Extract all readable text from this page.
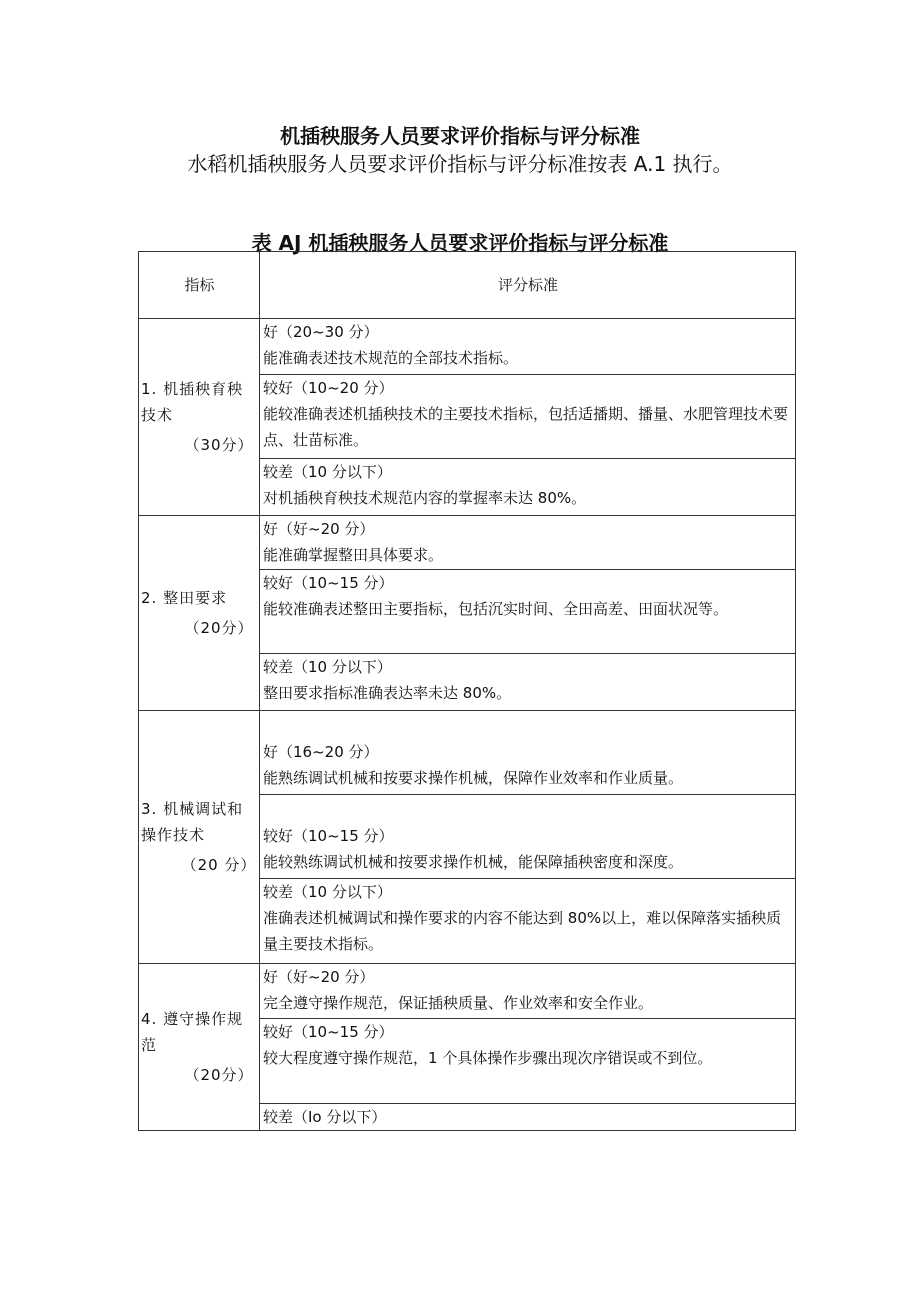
机插秧服务人员要求评价指标与评分标准
水稻机插秧服务人员要求评价指标与评分标准按表 A.1 执行。
表 AJ 机插秧服务人员要求评价指标与评分标准
指标	评分标准
1. 机插秧育秧技术
（30分）	好（20~30 分）
能准确表述技术规范的全部技术指标。

	较好（10~20 分）
能较准确表述机插秧技术的主要技术指标，包括适播期、播量、水肥管理技术要点、壮苗标准。

	较差（10 分以下）
对机插秧育秧技术规范内容的掌握率未达 80%。

2. 整田要求
（20分）	好（好~20 分）
能准确掌握整田具体要求。

	较好（10~15 分）
能较准确表述整田主要指标，包括沉实时间、全田高差、田面状况等。

	较差（10 分以下）
整田要求指标准确表达率未达 80%。

3. 机械调试和操作技术
（20 分）	好（16~20 分）
能熟练调试机械和按要求操作机械，保障作业效率和作业质量。

	较好（10~15 分）
能较熟练调试机械和按要求操作机械，能保障插秧密度和深度。

	较差（10 分以下）
准确表述机械调试和操作要求的内容不能达到 80%以上，难以保障落实插秧质量主要技术指标。

4. 遵守操作规范
（20分）	好（好~20 分）
完全遵守操作规范，保证插秧质量、作业效率和安全作业。

	较好（10~15 分）
较大程度遵守操作规范，1 个具体操作步骤出现次序错误或不到位。

	较差（Io 分以下）
